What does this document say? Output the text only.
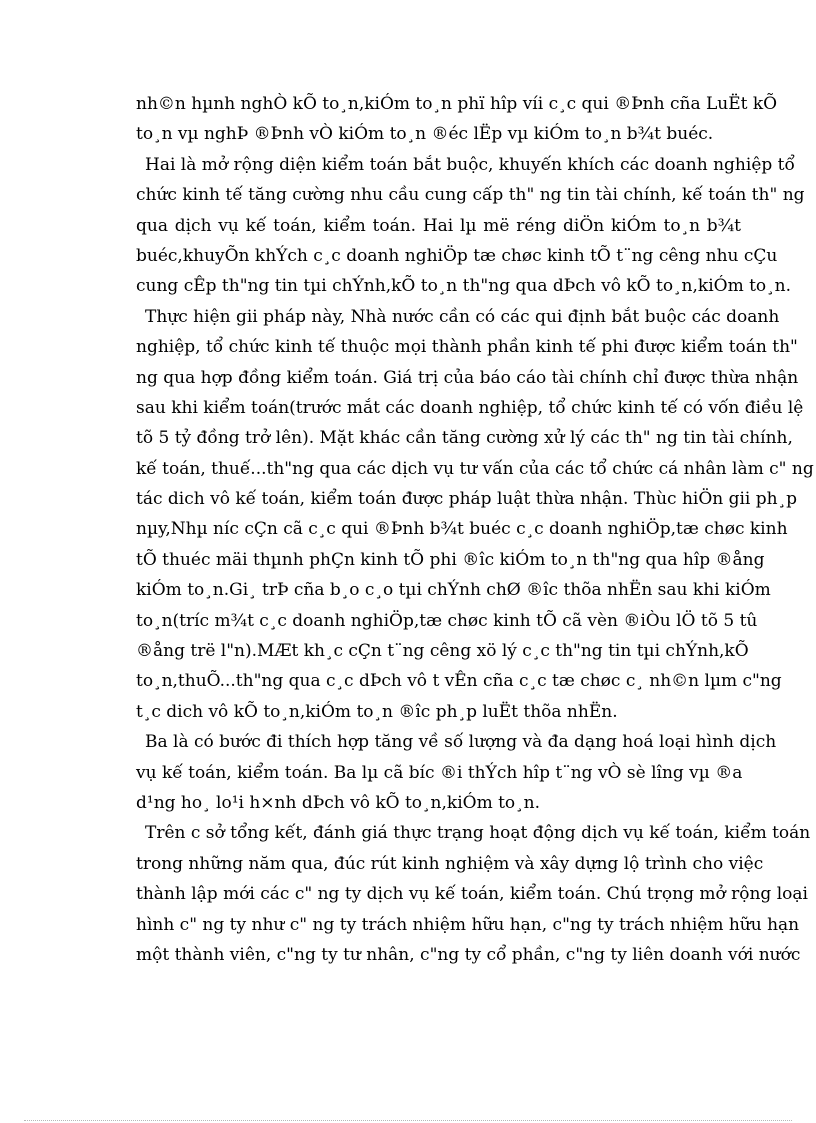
nh©n hµnh nghÒ kÕ to¸n,kiÓm to¸n phï hîp víi c¸c qui ®Þnh cña LuËt kÕ
to¸n vµ nghÞ ®Þnh vÒ kiÓm to¸n ®éc lËp vµ kiÓm to¸n b¾t buéc.
Hai là mở rộng diện kiểm toán bắt buộc, khuyến khích các doanh nghiệp tổ
chức kinh tế tăng cường nhu cầu cung cấp th" ng tin tài chính, kế toán th" ng
qua dịch vụ kế toán, kiểm toán. Hai lµ më réng diÖn kiÓm to¸n b¾t
buéc,khuyÕn khÝch c¸c doanh nghiÖp tæ chøc kinh tÕ t¨ng cêng nhu cÇu
cung cÊp th"ng tin tµi chÝnh,kÕ to¸n th"ng qua dÞch vô kÕ to¸n,kiÓm to¸n.
Thực hiện gii pháp này, Nhà nước cần có các qui định bắt buộc các doanh
nghiệp, tổ chức kinh tế thuộc mọi thành phần kinh tế phi được kiểm toán th"
ng qua hợp đồng kiểm toán. Giá trị của báo cáo tài chính chỉ được thừa nhận
sau khi kiểm toán(trước mắt các doanh nghiệp, tổ chức kinh tế có vốn điều lệ
tõ 5 tỷ đồng trở lên). Mặt khác cần tăng cường xử lý các th" ng tin tài chính,
kế toán, thuế...th"ng qua các dịch vụ tư vấn của các tổ chức cá nhân làm c" ng
tác dich vô kế toán, kiểm toán được pháp luật thừa nhận. Thùc hiÖn gii ph¸p
nµy,Nhµ níc cÇn cã c¸c qui ®Þnh b¾t buéc c¸c doanh nghiÖp,tæ chøc kinh
tÕ thuéc mäi thµnh phÇn kinh tÕ phi ®îc kiÓm to¸n th"ng qua hîp ®ång
kiÓm to¸n.Gi¸ trÞ cña b¸o c¸o tµi chÝnh chØ ®îc thõa nhËn sau khi kiÓm
to¸n(tríc m¾t c¸c doanh nghiÖp,tæ chøc kinh tÕ cã vèn ®iÒu lÖ tõ 5 tû
®ång trë l"n).MÆt kh¸c cÇn t¨ng cêng xö lý c¸c th"ng tin tµi chÝnh,kÕ
to¸n,thuÕ...th"ng qua c¸c dÞch vô t vÊn cña c¸c tæ chøc c¸ nh©n lµm c"ng
t¸c dich vô kÕ to¸n,kiÓm to¸n ®îc ph¸p luËt thõa nhËn.
Ba là có bước đi thích hợp tăng về số lượng và đa dạng hoá loại hình dịch
vụ kế toán, kiểm toán. Ba lµ cã bíc ®i thÝch hîp t¨ng vÒ sè lîng vµ ®a
d¹ng ho¸ lo¹i h×nh dÞch vô kÕ to¸n,kiÓm to¸n.
Trên c sở tổng kết, đánh giá thực trạng hoạt động dịch vụ kế toán, kiểm toán
trong những năm qua, đúc rút kinh nghiệm và xây dựng lộ trình cho việc
thành lập mới các c" ng ty dịch vụ kế toán, kiểm toán. Chú trọng mở rộng loại
hình c" ng ty như c" ng ty trách nhiệm hữu hạn, c"ng ty trách nhiệm hữu hạn
một thành viên, c"ng ty tư nhân, c"ng ty cổ phần, c"ng ty liên doanh với nước
